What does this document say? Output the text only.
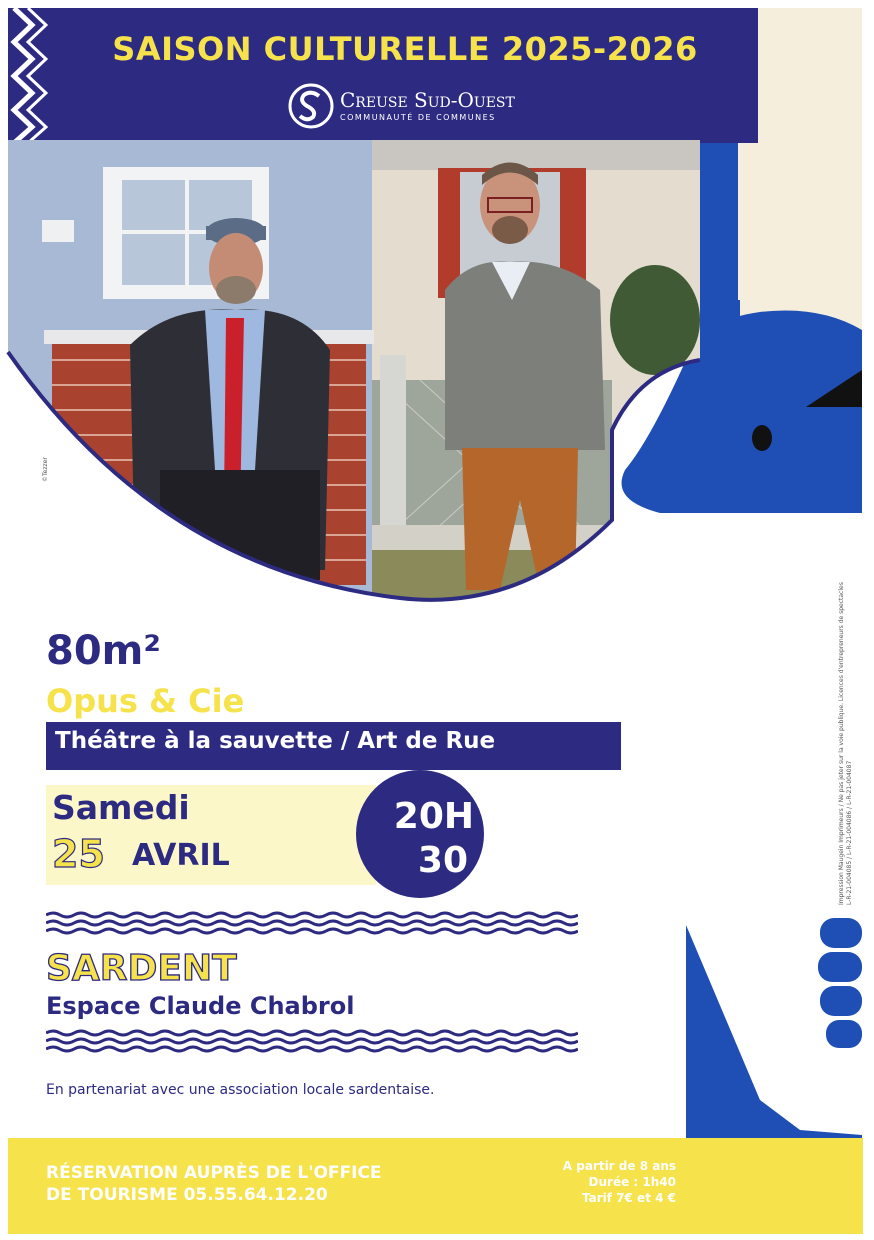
SAISON CULTURELLE 2025-2026
Creuse Sud-Ouest
COMMUNAUTÉ DE COMMUNES
©Tezzer
80m²
Opus & Cie
Théâtre à la sauvette / Art de Rue
Samedi
25 AVRIL
20H
30
SARDENT
Espace Claude Chabrol
En partenariat avec une association locale sardentaise.
Impression Maugein Imprimeurs / Ne pas jeter sur la voie publique. Licences d'entrepreneurs de spectacles L-R-21-004085 / L-R-21-004086 / L-R-21-004087
RÉSERVATION AUPRÈS DE L'OFFICE
DE TOURISME 05.55.64.12.20
A partir de 8 ans
Durée : 1h40
Tarif 7€ et 4 €
